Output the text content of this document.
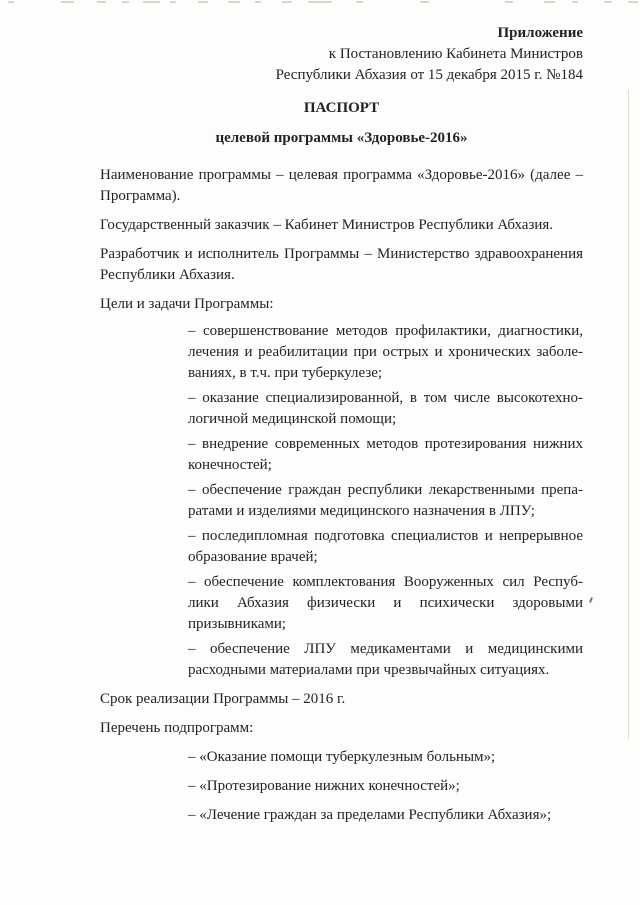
Приложение
к Постановлению Кабинета Министров
Республики Абхазия от 15 декабря 2015 г. №184
ПАСПОРТ
целевой программы «Здоровье-2016»
Наименование программы – целевая программа «Здоровье-2016» (далее –
Программа).
Государственный заказчик – Кабинет Министров Республики Абхазия.
Разработчик и исполнитель Программы – Министерство здравоохранения
Республики Абхазия.
Цели и задачи Программы:
– совершенствование методов профилактики, диагностики,
лечения и реабилитации при острых и хронических заболе-
ваниях, в т.ч. при туберкулезе;
– оказание специализированной, в том числе высокотехно-
логичной медицинской помощи;
– внедрение современных методов протезирования нижних
конечностей;
– обеспечение граждан республики лекарственными препа-
ратами и изделиями медицинского назначения в ЛПУ;
– последипломная подготовка специалистов и непрерывное
образование врачей;
– обеспечение комплектования Вооруженных сил Респуб-
лики Абхазия физически и психически здоровыми
призывниками;
– обеспечение ЛПУ медикаментами и медицинскими
расходными материалами при чрезвычайных ситуациях.
Срок реализации Программы – 2016 г.
Перечень подпрограмм:
– «Оказание помощи туберкулезным больным»;
– «Протезирование нижних конечностей»;
– «Лечение граждан за пределами Республики Абхазия»;
